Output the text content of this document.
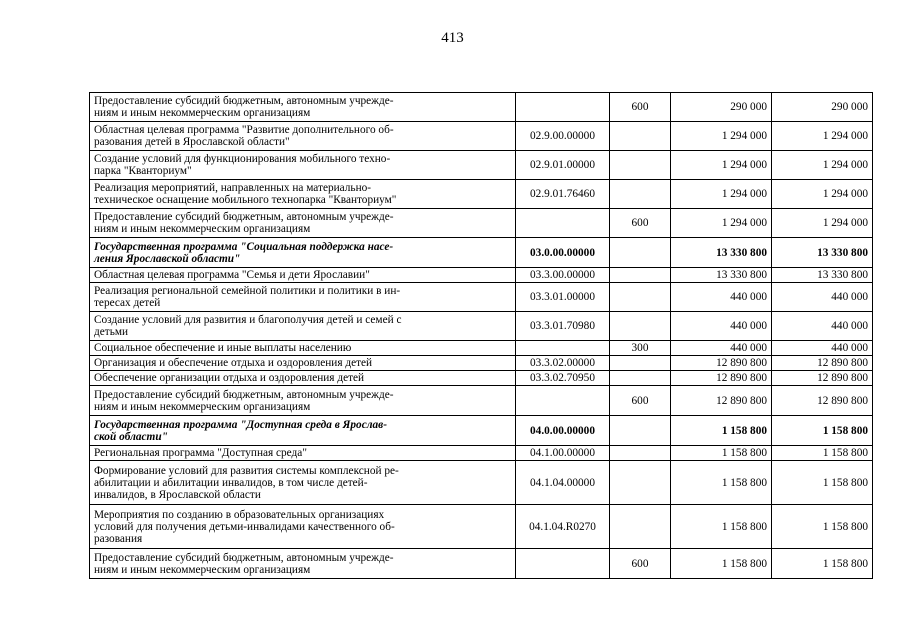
413
Предоставление субсидий бюджетным, автономным учрежде-
ниям и иным некоммерческим организациям		600	290 000	290 000
Областная целевая программа "Развитие дополнительного об-
разования детей в Ярославской области"	02.9.00.00000		1 294 000	1 294 000
Создание условий для функционирования мобильного техно-
парка "Кванториум"	02.9.01.00000		1 294 000	1 294 000
Реализация мероприятий, направленных на материально-
техническое оснащение мобильного технопарка "Кванториум"	02.9.01.76460		1 294 000	1 294 000
Предоставление субсидий бюджетным, автономным учрежде-
ниям и иным некоммерческим организациям		600	1 294 000	1 294 000
Государственная программа "Социальная поддержка насе-
ления Ярославской области"	03.0.00.00000		13 330 800	13 330 800
Областная целевая программа "Семья и дети Ярославии"	03.3.00.00000		13 330 800	13 330 800
Реализация региональной семейной политики и политики в ин-
тересах детей	03.3.01.00000		440 000	440 000
Создание условий для развития и благополучия детей и семей с
детьми	03.3.01.70980		440 000	440 000
Социальное обеспечение и иные выплаты населению		300	440 000	440 000
Организация и обеспечение отдыха и оздоровления детей	03.3.02.00000		12 890 800	12 890 800
Обеспечение организации отдыха и оздоровления детей	03.3.02.70950		12 890 800	12 890 800
Предоставление субсидий бюджетным, автономным учрежде-
ниям и иным некоммерческим организациям		600	12 890 800	12 890 800
Государственная программа "Доступная среда в Ярослав-
ской области"	04.0.00.00000		1 158 800	1 158 800
Региональная программа "Доступная среда"	04.1.00.00000		1 158 800	1 158 800
Формирование условий для развития системы комплексной ре-
абилитации и абилитации инвалидов, в том числе детей-
инвалидов, в Ярославской области	04.1.04.00000		1 158 800	1 158 800
Мероприятия по созданию в образовательных организациях
условий для получения детьми-инвалидами качественного об-
разования	04.1.04.R0270		1 158 800	1 158 800
Предоставление субсидий бюджетным, автономным учрежде-
ниям и иным некоммерческим организациям		600	1 158 800	1 158 800
